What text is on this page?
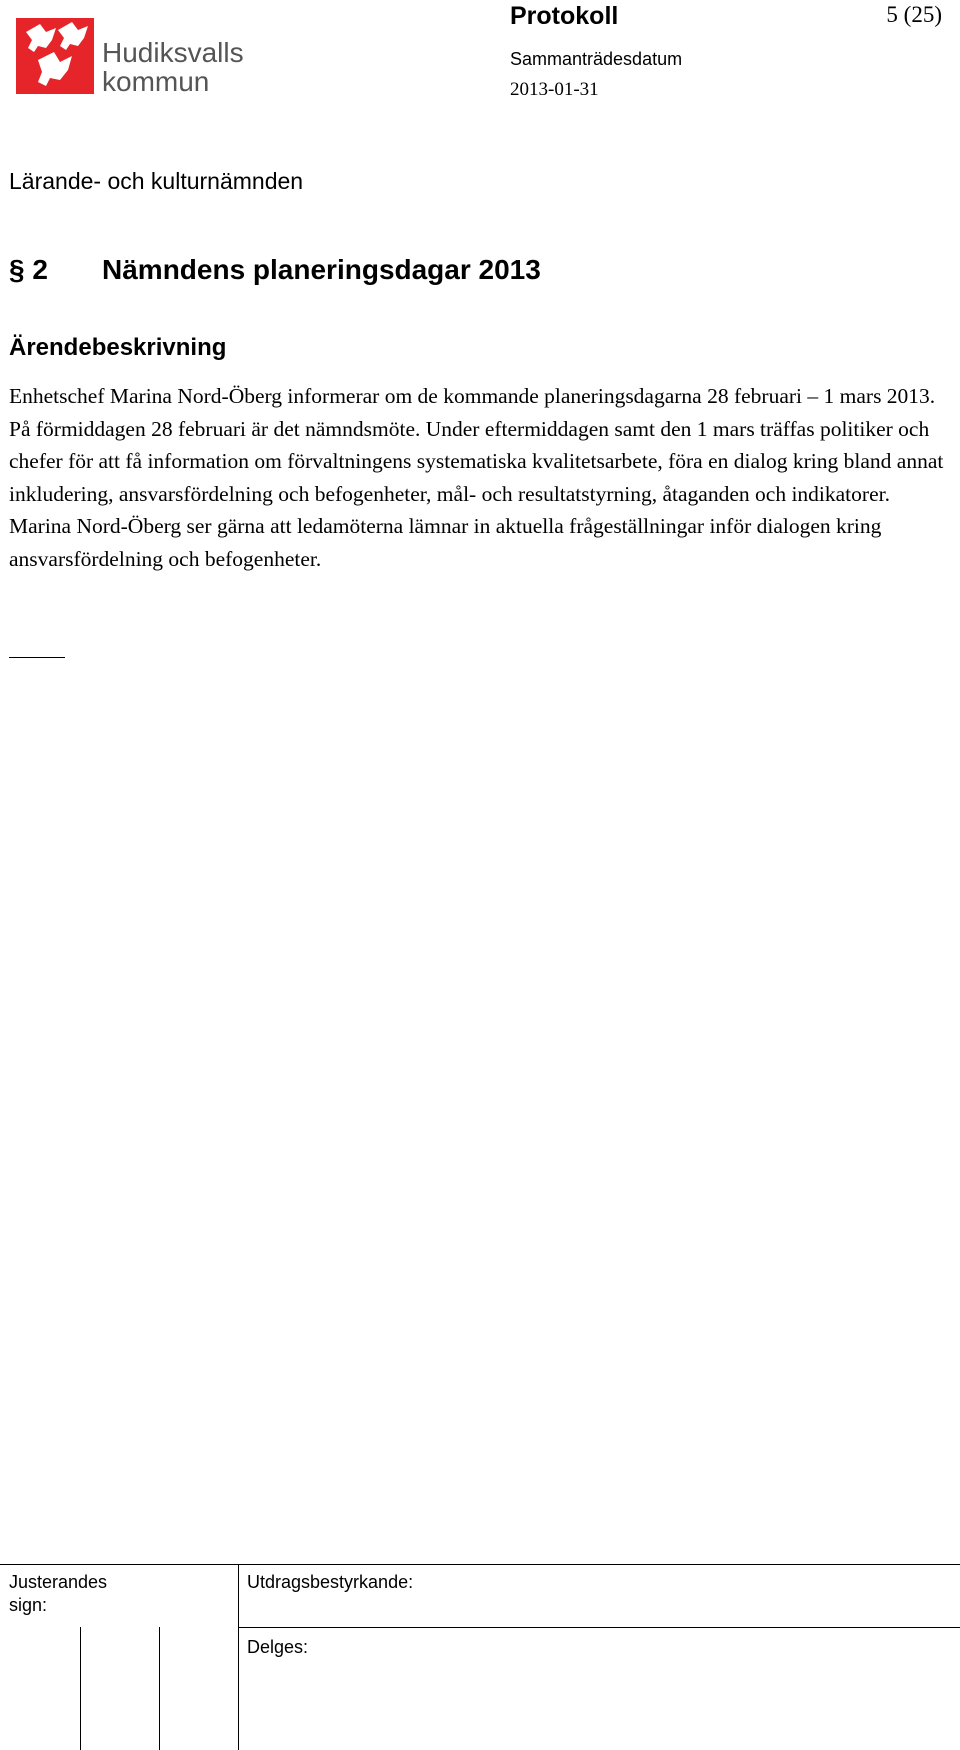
Hudiksvalls
kommun
Protokoll	5 (25)
Sammanträdesdatum
2013-01-31
Lärande- och kulturnämnden
§ 2	Nämndens planeringsdagar 2013
Ärendebeskrivning

Enhetschef Marina Nord-Öberg informerar om de kommande planeringsdagarna 28 februari – 1 mars 2013. På förmiddagen 28 februari är det nämndsmöte. Under eftermiddagen samt den 1 mars träffas politiker och chefer för att få information om förvaltningens systematiska kvalitetsarbete, föra en dialog kring bland annat inkludering, ansvarsfördelning och befogenheter, mål- och resultatstyrning, åtaganden och indikatorer. Marina Nord-Öberg ser gärna att ledamöterna lämnar in aktuella frågeställningar inför dialogen kring ansvarsfördelning och befogenheter.

Justerandes sign:
Utdragsbestyrkande:
Delges:
